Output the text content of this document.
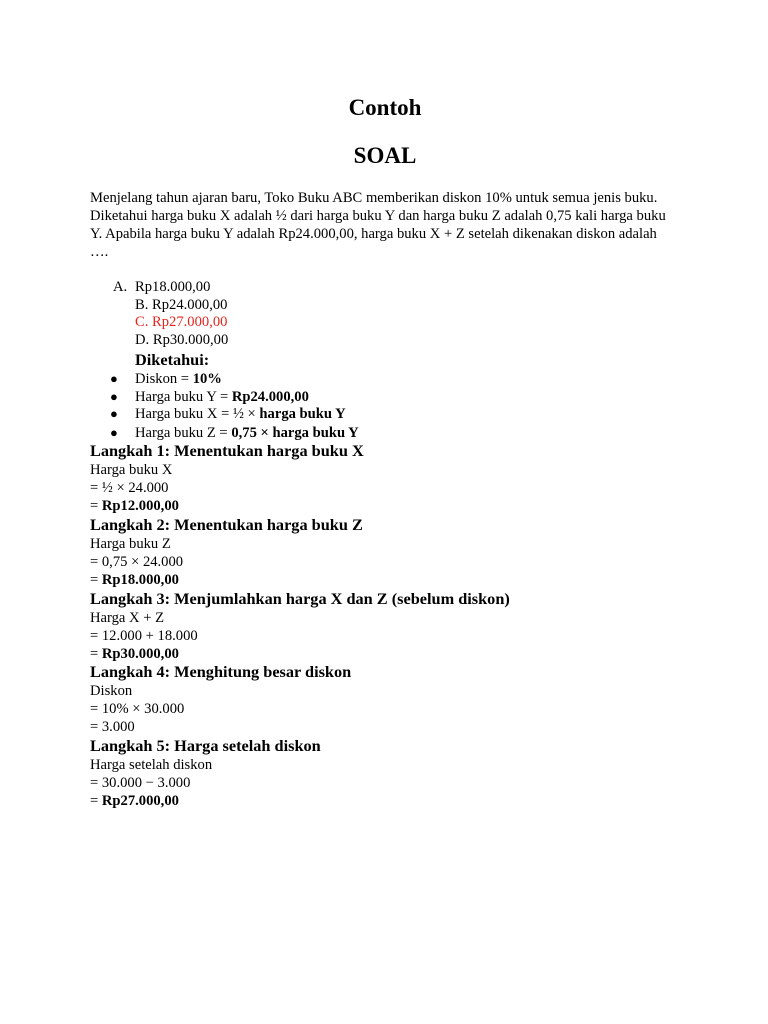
Contoh
SOAL

Menjelang tahun ajaran baru, Toko Buku ABC memberikan diskon 10% untuk semua jenis buku. Diketahui harga buku X adalah ½ dari harga buku Y dan harga buku Z adalah 0,75 kali harga buku Y. Apabila harga buku Y adalah Rp24.000,00, harga buku X + Z setelah dikenakan diskon adalah ….

A. Rp18.000,00
B. Rp24.000,00
C. Rp27.000,00
D. Rp30.000,00
Diketahui:
● Diskon = 10%
● Harga buku Y = Rp24.000,00
● Harga buku X = ½ × harga buku Y
● Harga buku Z = 0,75 × harga buku Y
Langkah 1: Menentukan harga buku X
Harga buku X
= ½ × 24.000
= Rp12.000,00
Langkah 2: Menentukan harga buku Z
Harga buku Z
= 0,75 × 24.000
= Rp18.000,00
Langkah 3: Menjumlahkan harga X dan Z (sebelum diskon)
Harga X + Z
= 12.000 + 18.000
= Rp30.000,00
Langkah 4: Menghitung besar diskon
Diskon
= 10% × 30.000
= 3.000
Langkah 5: Harga setelah diskon
Harga setelah diskon
= 30.000 − 3.000
= Rp27.000,00
